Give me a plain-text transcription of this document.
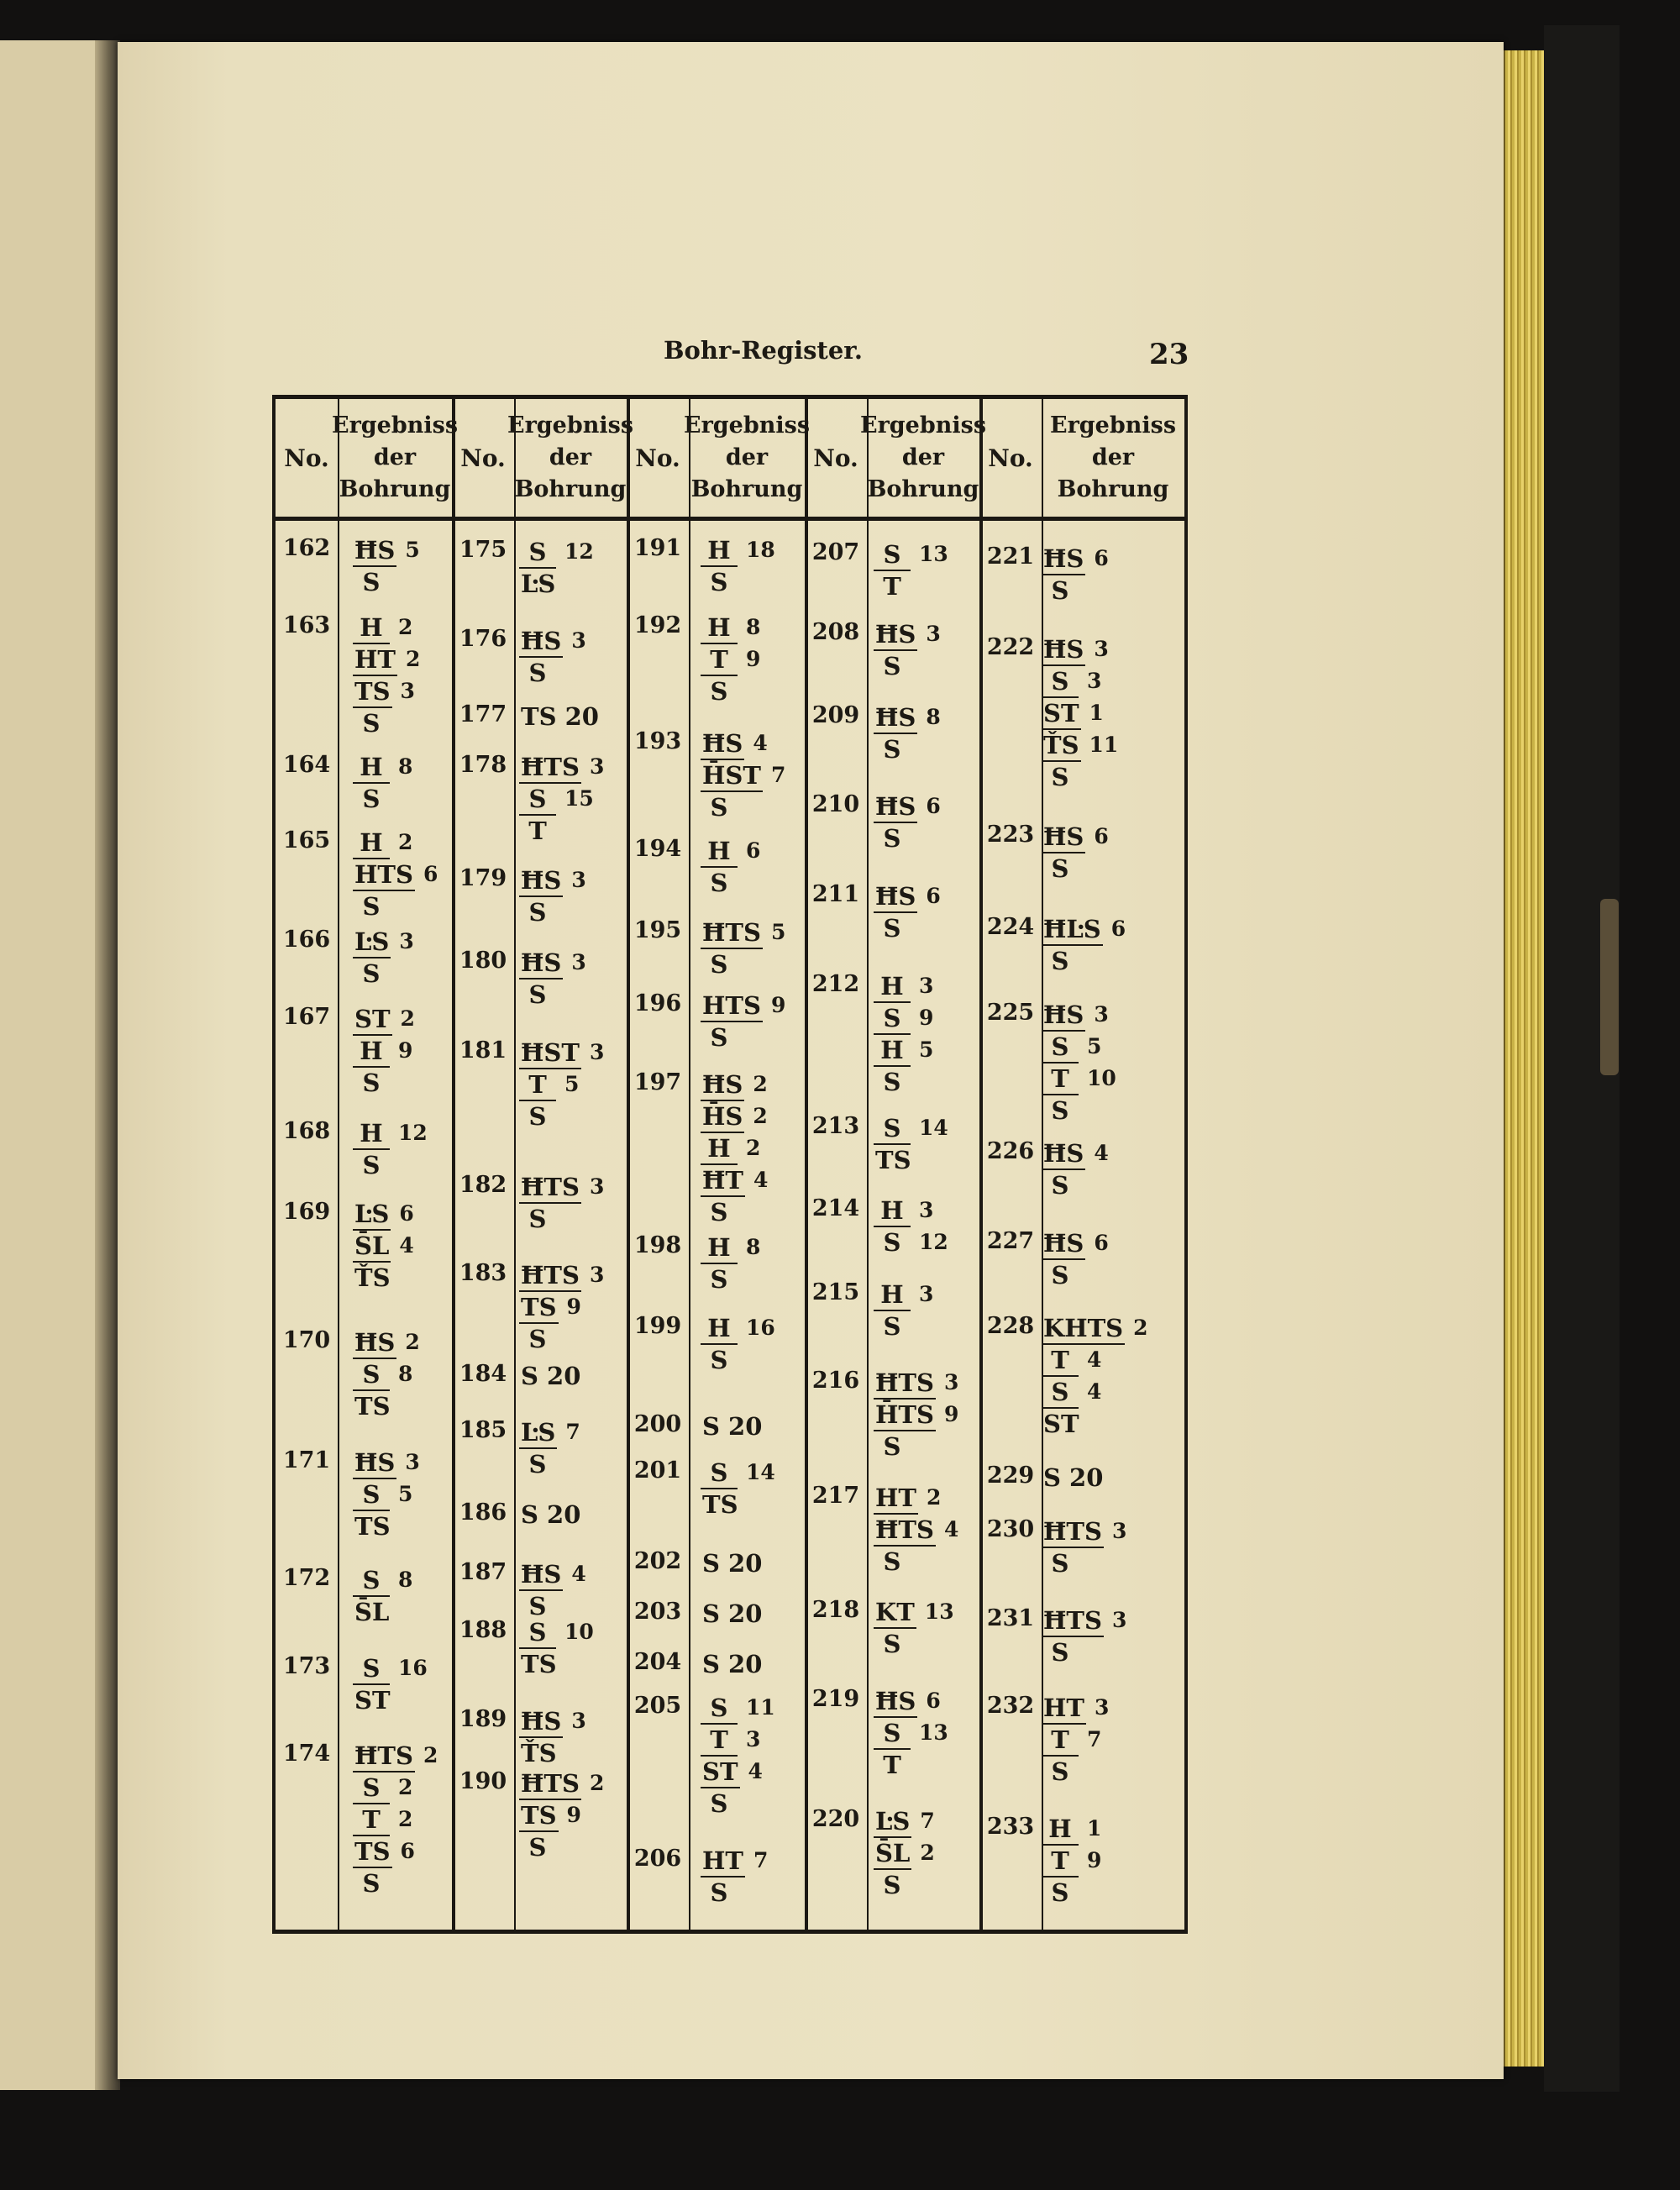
Bohr-Register.	23
No.
Ergebniss
der
Bohrung
No.
Ergebniss
der
Bohrung
No.
Ergebniss
der
Bohrung
No.
Ergebniss
der
Bohrung
No.
Ergebniss
der
Bohrung
162 ĦS 5
S
163 H 2
HT 2
TS 3
S
164 H 8
S
165 H 2
HTS 6
S
166 ĿS 3
S
167 ST 2
H 9
S
168 H 12
S
169 ĿS 6
S̄L 4
ŤS
170 ĦS 2
S 8
TS
171 ĦS 3
S 5
TS
172	S 8
S̄L
173	S 16
ST
174 ĦTS 2
S 2
T 2
TS 6
S
175 S 12
ĿS
176 ĦS 3
S
177 TS 20
178 ĦTS 3
S 15
T
179 ĦS 3
S
180 ĦS 3
S
181 ĦST 3
T 5
S
182 ĦTS 3
S
183 ĦTS 3
TS 9
S
184 S 20
185 ĿS 7
S
186 S 20
187 ĦS 4
S
188 S 10
TS
189 ĦS 3
ŤS
190 ĦTS 2
TS 9
S
191 H 18
S
192 H 8
T 9
S
193 ĦS 4
H̄ST 7
S
194 H 6
S
195 ĦTS 5
S
196 HTS 9
S
197 ĦS 2
H̄S 2
H 2
ĦT 4
S
198 H 8
S
199 H 16
S
200 S 20
201	S 14
TS
202 S 20
203 S 20
204 S 20
205	S 11
T 3
ST 4
S
206 HT 7
S
207 S 13
T
208 ĦS 3
S
209 ĦS 8
S
210 ĦS 6
S
211 ĦS 6
S
212 H 3
S 9
H 5
S
213 S 14
TS
214 H 3
S 12
215 H 3
S
216 ĦTS 3
H̄TS 9
S
217 HT 2
ĦTS 4
S
218 KT 13
S
219 ĦS 6
S 13
T
220 ĿS 7
S̄L 2
S
221 ĦS 6
S
222 ĦS 3
S 3
ST 1
ŤS 11
S
223 ĦS 6
S
224 ĦĿS 6
S
225 ĦS 3
S 5
T 10
S
226 ĦS 4
S
227 ĦS 6
S
228 KHTS 2
T 4
S 4
ST
229 S 20
230 ĦTS 3
S
231 ĦTS 3
S
232 HT 3
T 7
S
233 H 1
T 9
S
